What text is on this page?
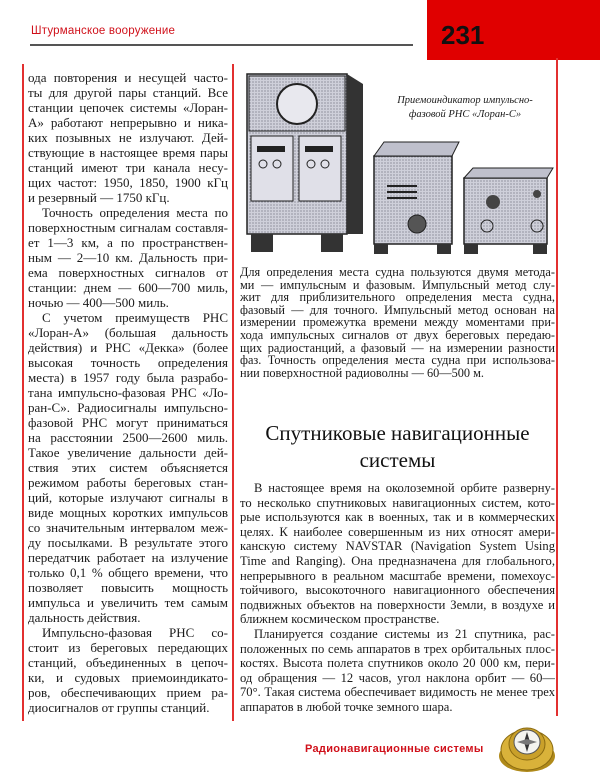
Штурманское вооружение	231
ода повторения и несущей часто-
ты для другой пары станций. Все
станции цепочек системы «Лоран-
А» работают непрерывно и ника-
ких позывных не излучают. Дей-
ствующие в настоящее время пары
станций имеют три канала несу-
щих частот: 1950, 1850, 1900 кГц
и резервный — 1750 кГц.
Точность определения места по
поверхностным сигналам составля-
ет 1—3 км, а по пространствен-
ным — 2—10 км. Дальность при-
ема поверхностных сигналов от
станции: днем — 600—700 миль,
ночью — 400—500 миль.
С учетом преимуществ РНС
«Лоран-А» (большая дальность
действия) и РНС «Декка» (более
высокая точность определения
места) в 1957 году была разрабо-
тана импульсно-фазовая РНС «Ло-
ран-С». Радиосигналы импульсно-
фазовой РНС могут приниматься
на расстоянии 2500—2600 миль.
Такое увеличение дальности дей-
ствия этих систем объясняется
режимом работы береговых стан-
ций, которые излучают сигналы в
виде мощных коротких импульсов
со значительным интервалом меж-
ду посылками. В результате этого
передатчик работает на излучение
только 0,1 % общего времени, что
позволяет повысить мощность
импульса и увеличить тем самым
дальность действия.
Импульсно-фазовая РНС со-
стоит из береговых передающих
станций, объединенных в цепоч-
ки, и судовых приемоиндикато-
ров, обеспечивающих прием ра-
диосигналов от группы станций.
Приемоиндикатор импульсно-
фазовой РНС «Лоран-С»
Для определения места судна пользуются двумя метода-
ми — импульсным и фазовым. Импульсный метод слу-
жит для приблизительного определения места судна,
фазовый — для точного. Импульсный метод основан на
измерении промежутка времени между моментами при-
хода импульсных сигналов от двух береговых передаю-
щих радиостанций, а фазовый — на измерении разности
фаз. Точность определения места судна при использова-
нии поверхностной радиоволны — 60—500 м.
Спутниковые навигационные
системы
В настоящее время на околоземной орбите разверну-
то несколько спутниковых навигационных систем, кото-
рые используются как в военных, так и в коммерческих
целях. К наиболее совершенным из них относят амери-
канскую систему NAVSTAR (Navigation System Using
Time and Ranging). Она предназначена для глобального,
непрерывного в реальном масштабе времени, помехоус-
тойчивого, высокоточного навигационного обеспечения
подвижных объектов на поверхности Земли, в воздухе и
ближнем космическом пространстве.
Планируется создание системы из 21 спутника, рас-
положенных по семь аппаратов в трех орбитальных плос-
костях. Высота полета спутников около 20 000 км, пери-
од обращения — 12 часов, угол наклона орбит — 60—
70°. Такая система обеспечивает видимость не менее трех
аппаратов в любой точке земного шара.
Радионавигационные системы
